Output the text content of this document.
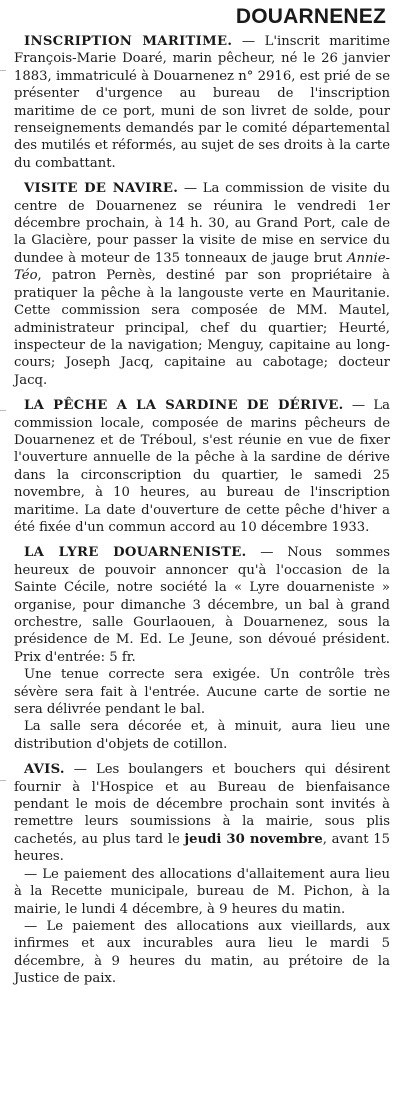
DOUARNENEZ

INSCRIPTION MARITIME. — L'inscrit maritime François-Marie Doaré, marin pêcheur, né le 26 janvier 1883, immatriculé à Douarnenez n° 2916, est prié de se présenter d'urgence au bureau de l'inscription maritime de ce port, muni de son livret de solde, pour renseignements demandés par le comité départemental des mutilés et réformés, au sujet de ses droits à la carte du combattant.

VISITE DE NAVIRE. — La commission de visite du centre de Douarnenez se réunira le vendredi 1er décembre prochain, à 14 h. 30, au Grand Port, cale de la Glacière, pour passer la visite de mise en service du dundee à moteur de 135 tonneaux de jauge brut Annie-Téo, patron Pernès, destiné par son propriétaire à pratiquer la pêche à la langouste verte en Mauritanie. Cette commission sera composée de MM. Mautel, administrateur principal, chef du quartier; Heurté, inspecteur de la navigation; Menguy, capitaine au long-cours; Joseph Jacq, capitaine au cabotage; docteur Jacq.

LA PÊCHE A LA SARDINE DE DÉRIVE. — La commission locale, composée de marins pêcheurs de Douarnenez et de Tréboul, s'est réunie en vue de fixer l'ouverture annuelle de la pêche à la sardine de dérive dans la circonscription du quartier, le samedi 25 novembre, à 10 heures, au bureau de l'inscription maritime. La date d'ouverture de cette pêche d'hiver a été fixée d'un commun accord au 10 décembre 1933.

LA LYRE DOUARNENISTE. — Nous sommes heureux de pouvoir annoncer qu'à l'occasion de la Sainte Cécile, notre société la « Lyre douarneniste » organise, pour dimanche 3 décembre, un bal à grand orchestre, salle Gourlaouen, à Douarnenez, sous la présidence de M. Ed. Le Jeune, son dévoué président. Prix d'entrée: 5 fr.

Une tenue correcte sera exigée. Un contrôle très sévère sera fait à l'entrée. Aucune carte de sortie ne sera délivrée pendant le bal.

La salle sera décorée et, à minuit, aura lieu une distribution d'objets de cotillon.

AVIS. — Les boulangers et bouchers qui désirent fournir à l'Hospice et au Bureau de bienfaisance pendant le mois de décembre prochain sont invités à remettre leurs soumissions à la mairie, sous plis cachetés, au plus tard le jeudi 30 novembre, avant 15 heures.

— Le paiement des allocations d'allaitement aura lieu à la Recette municipale, bureau de M. Pichon, à la mairie, le lundi 4 décembre, à 9 heures du matin.

— Le paiement des allocations aux vieillards, aux infirmes et aux incurables aura lieu le mardi 5 décembre, à 9 heures du matin, au prétoire de la Justice de paix.
